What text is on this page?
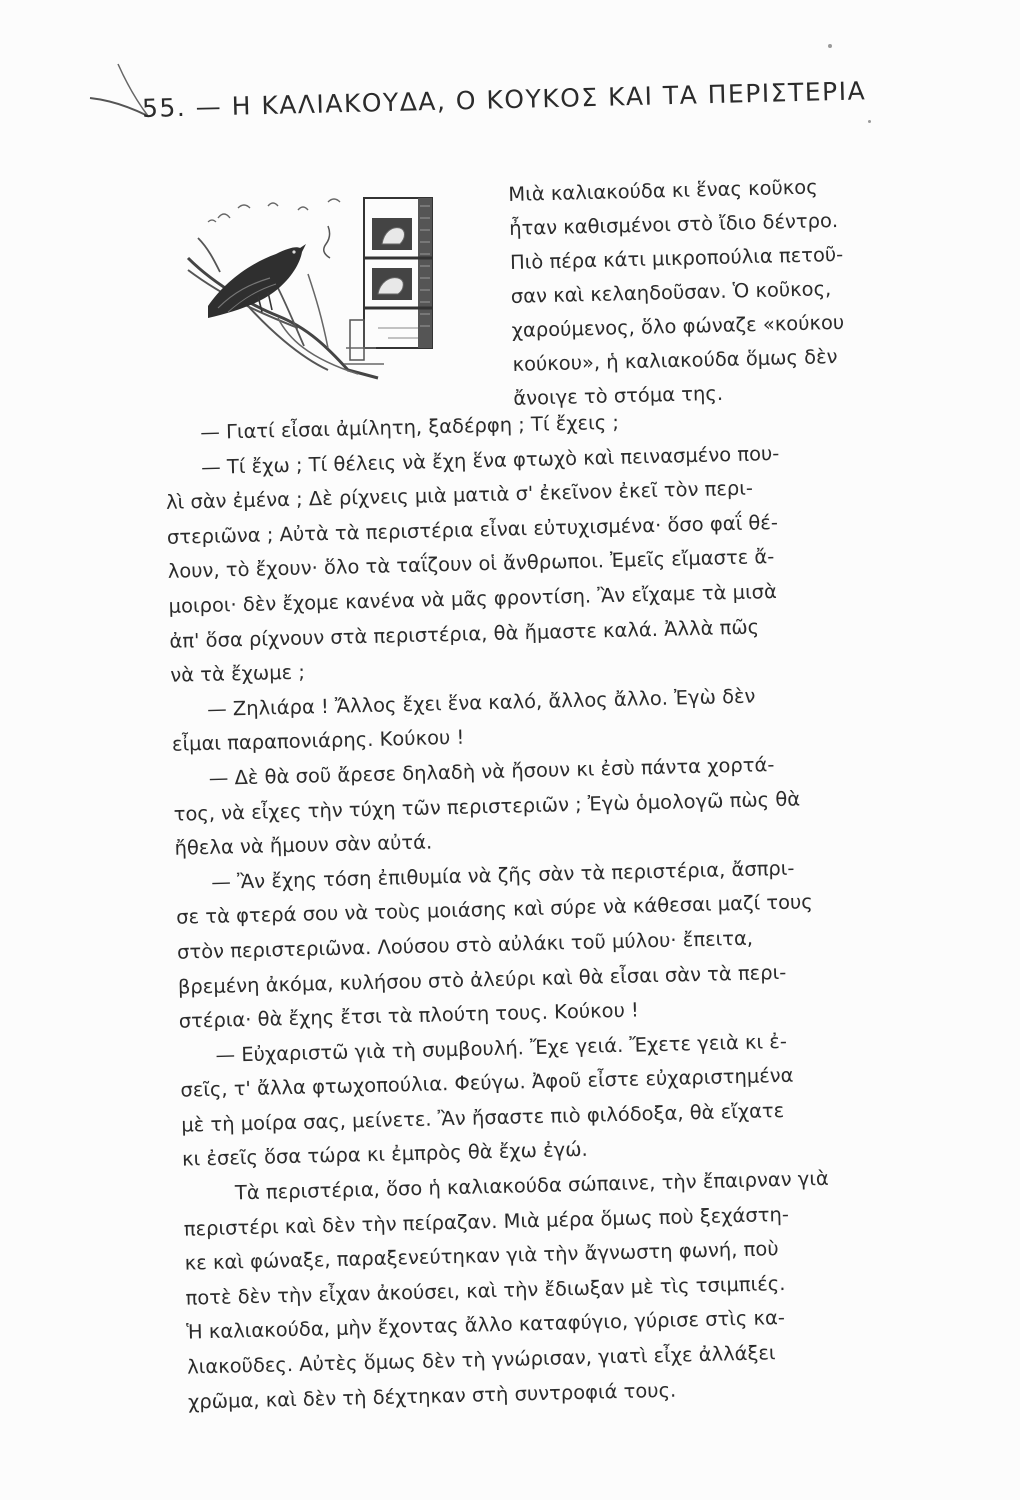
55. — Η ΚΑΛΙΑΚΟΥΔΑ, Ο ΚΟΥΚΟΣ ΚΑΙ ΤΑ ΠΕΡΙΣΤΕΡΙΑ
Μιὰ καλιακούδα κι ἕνας κοῦκος
ἦταν καθισμένοι στὸ ἴδιο δέντρο.
Πιὸ πέρα κάτι μικροπούλια πετοῦ-
σαν καὶ κελαηδοῦσαν. Ὁ κοῦκος,
χαρούμενος, ὅλο φώναζε «κούκου
κούκου», ἡ καλιακούδα ὅμως δὲν
ἄνοιγε τὸ στόμα της.
— Γιατί εἶσαι ἀμίλητη, ξαδέρφη ; Τί ἔχεις ;
— Τί ἔχω ; Τί θέλεις νὰ ἔχη ἕνα φτωχὸ καὶ πεινασμένο που-
λὶ σὰν ἐμένα ; Δὲ ρίχνεις μιὰ ματιὰ σ' ἐκεῖνον ἐκεῖ τὸν περι-
στεριῶνα ; Αὐτὰ τὰ περιστέρια εἶναι εὐτυχισμένα· ὅσο φαΐ θέ-
λουν, τὸ ἔχουν· ὅλο τὰ ταΐζουν οἱ ἄνθρωποι. Ἐμεῖς εἴμαστε ἄ-
μοιροι· δὲν ἔχομε κανένα νὰ μᾶς φροντίση. Ἂν εἴχαμε τὰ μισὰ
ἀπ' ὅσα ρίχνουν στὰ περιστέρια, θὰ ἤμαστε καλά. Ἀλλὰ πῶς
νὰ τὰ ἔχωμε ;
— Ζηλιάρα ! Ἄλλος ἔχει ἕνα καλό, ἄλλος ἄλλο. Ἐγὼ δὲν
εἶμαι παραπονιάρης. Κούκου !
— Δὲ θὰ σοῦ ἄρεσε δηλαδὴ νὰ ἤσουν κι ἐσὺ πάντα χορτά-
τος, νὰ εἶχες τὴν τύχη τῶν περιστεριῶν ; Ἐγὼ ὁμολογῶ πὼς θὰ
ἤθελα νὰ ἤμουν σὰν αὐτά.
— Ἂν ἔχης τόση ἐπιθυμία νὰ ζῆς σὰν τὰ περιστέρια, ἄσπρι-
σε τὰ φτερά σου νὰ τοὺς μοιάσης καὶ σύρε νὰ κάθεσαι μαζί τους
στὸν περιστεριῶνα. Λούσου στὸ αὐλάκι τοῦ μύλου· ἔπειτα,
βρεμένη ἀκόμα, κυλήσου στὸ ἀλεύρι καὶ θὰ εἶσαι σὰν τὰ περι-
στέρια· θὰ ἔχης ἔτσι τὰ πλούτη τους. Κούκου !
— Εὐχαριστῶ γιὰ τὴ συμβουλή. Ἔχε γειά. Ἔχετε γειὰ κι ἐ-
σεῖς, τ' ἄλλα φτωχοπούλια. Φεύγω. Ἀφοῦ εἶστε εὐχαριστημένα
μὲ τὴ μοίρα σας, μείνετε. Ἂν ἤσαστε πιὸ φιλόδοξα, θὰ εἴχατε
κι ἐσεῖς ὅσα τώρα κι ἐμπρὸς θὰ ἔχω ἐγώ.
Τὰ περιστέρια, ὅσο ἡ καλιακούδα σώπαινε, τὴν ἔπαιρναν γιὰ
περιστέρι καὶ δὲν τὴν πείραζαν. Μιὰ μέρα ὅμως ποὺ ξεχάστη-
κε καὶ φώναξε, παραξενεύτηκαν γιὰ τὴν ἄγνωστη φωνή, ποὺ
ποτὲ δὲν τὴν εἶχαν ἀκούσει, καὶ τὴν ἔδιωξαν μὲ τὶς τσιμπιές.
Ἡ καλιακούδα, μὴν ἔχοντας ἄλλο καταφύγιο, γύρισε στὶς κα-
λιακοῦδες. Αὐτὲς ὅμως δὲν τὴ γνώρισαν, γιατὶ εἶχε ἀλλάξει
χρῶμα, καὶ δὲν τὴ δέχτηκαν στὴ συντροφιά τους.
